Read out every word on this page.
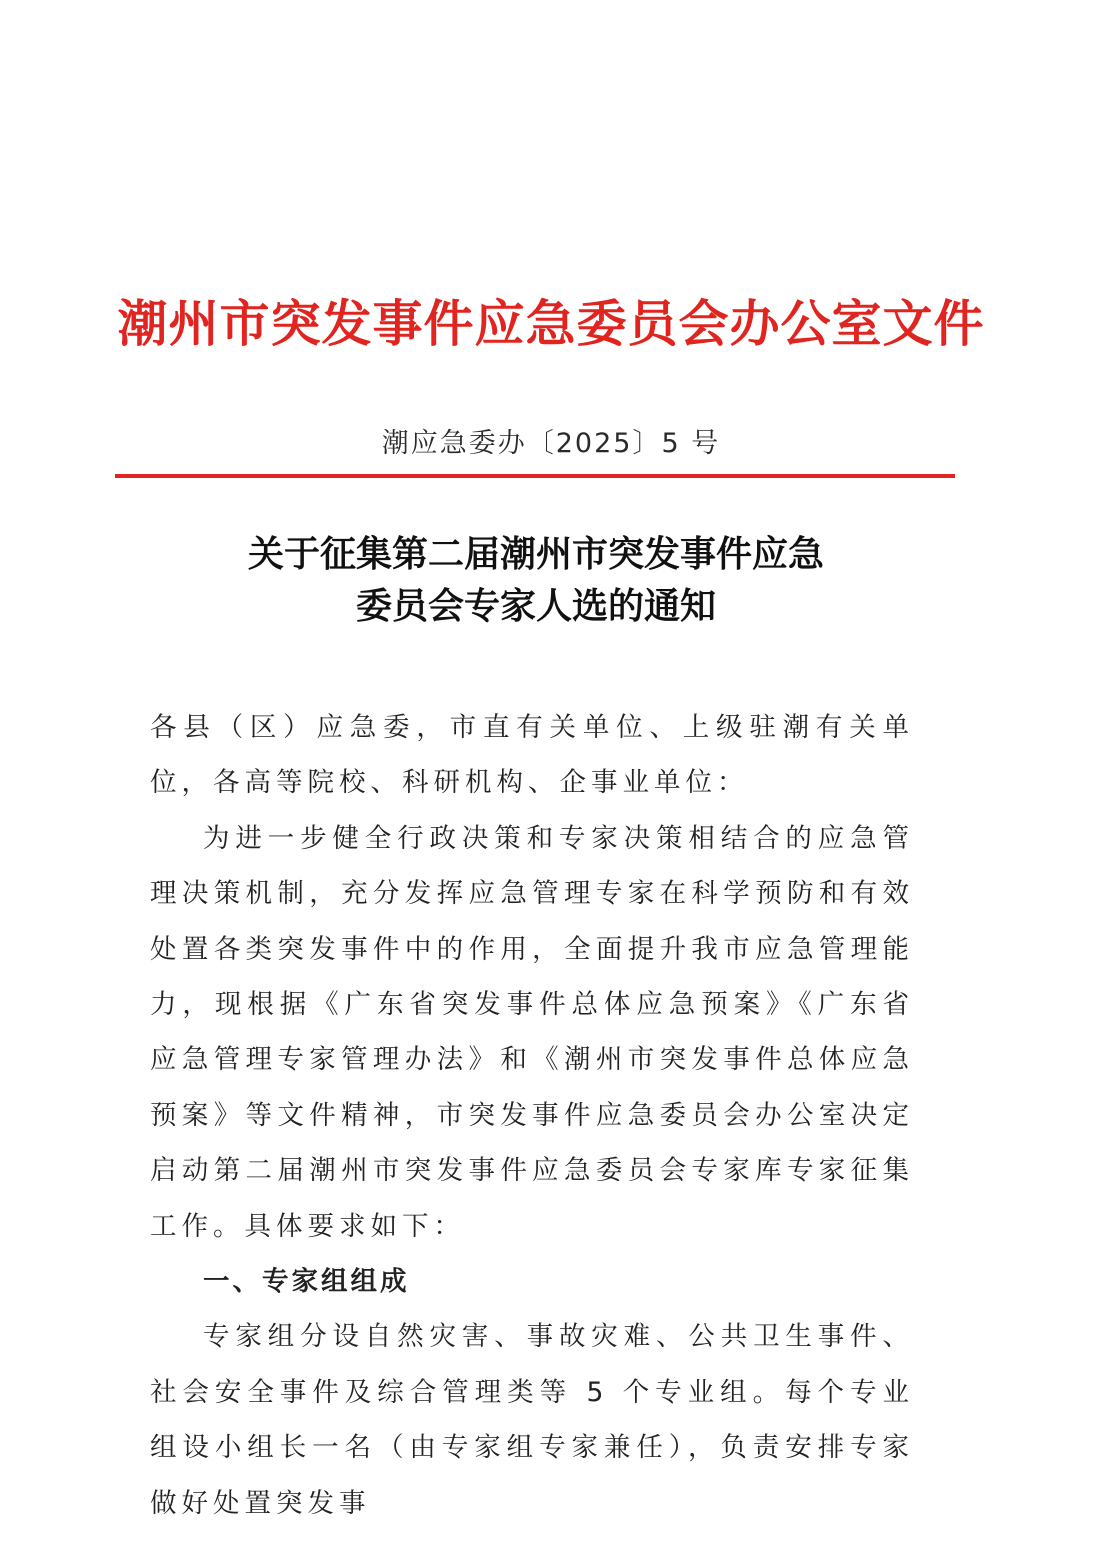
潮州市突发事件应急委员会办公室文件
潮应急委办〔2025〕5 号
关于征集第二届潮州市突发事件应急
委员会专家人选的通知

各县（区）应急委，市直有关单位、上级驻潮有关单位，各高等院校、科研机构、企事业单位：

为进一步健全行政决策和专家决策相结合的应急管理决策机制，充分发挥应急管理专家在科学预防和有效处置各类突发事件中的作用，全面提升我市应急管理能力，现根据《广东省突发事件总体应急预案》《广东省应急管理专家管理办法》和《潮州市突发事件总体应急预案》等文件精神，市突发事件应急委员会办公室决定启动第二届潮州市突发事件应急委员会专家库专家征集工作。具体要求如下：

一、专家组组成

专家组分设自然灾害、事故灾难、公共卫生事件、社会安全事件及综合管理类等 5 个专业组。每个专业组设小组长一名（由专家组专家兼任），负责安排专家做好处置突发事
